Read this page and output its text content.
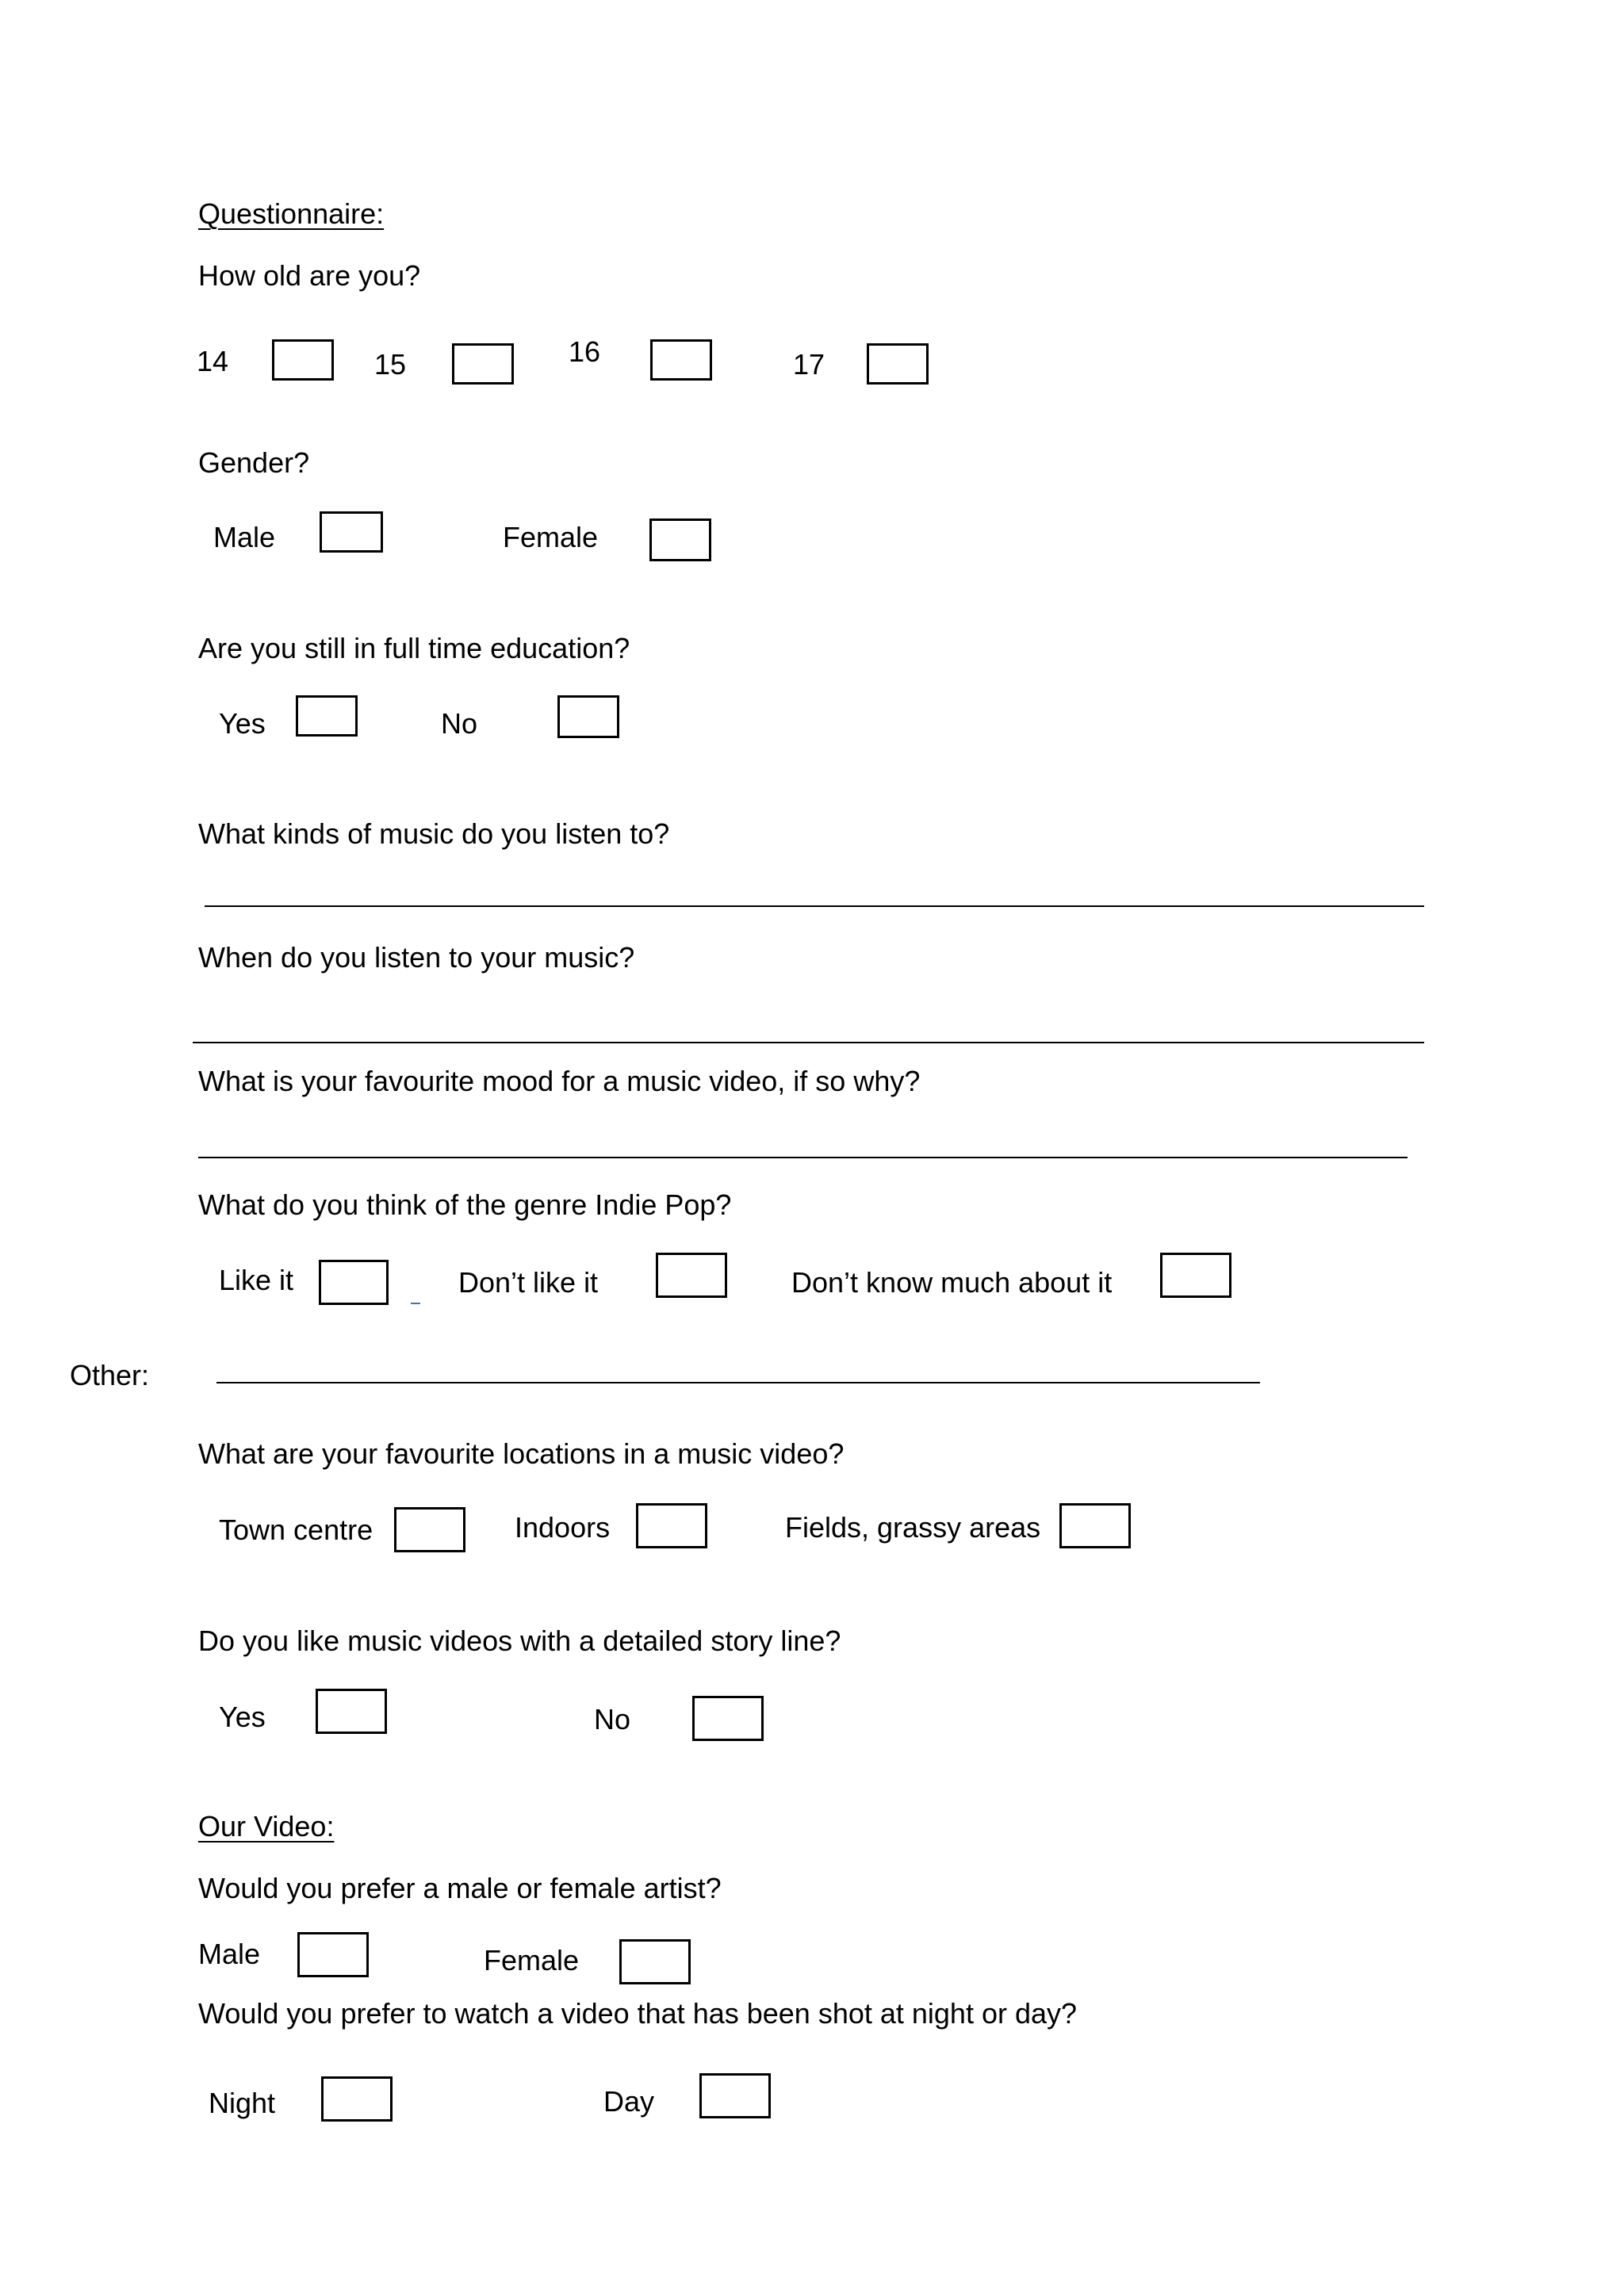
Questionnaire:
How old are you?
14	15	16	17
Gender?
Male	Female
Are you still in full time education?
Yes	No
What kinds of music do you listen to?
When do you listen to your music?
What is your favourite mood for a music video, if so why?
What do you think of the genre Indie Pop?
Like it	Don’t like it	Don’t know much about it
Other:
What are your favourite locations in a music video?
Town centre	Indoors	Fields, grassy areas
Do you like music videos with a detailed story line?
Yes	No
Our Video:
Would you prefer a male or female artist?
Male	Female
Would you prefer to watch a video that has been shot at night or day?
Night	Day
